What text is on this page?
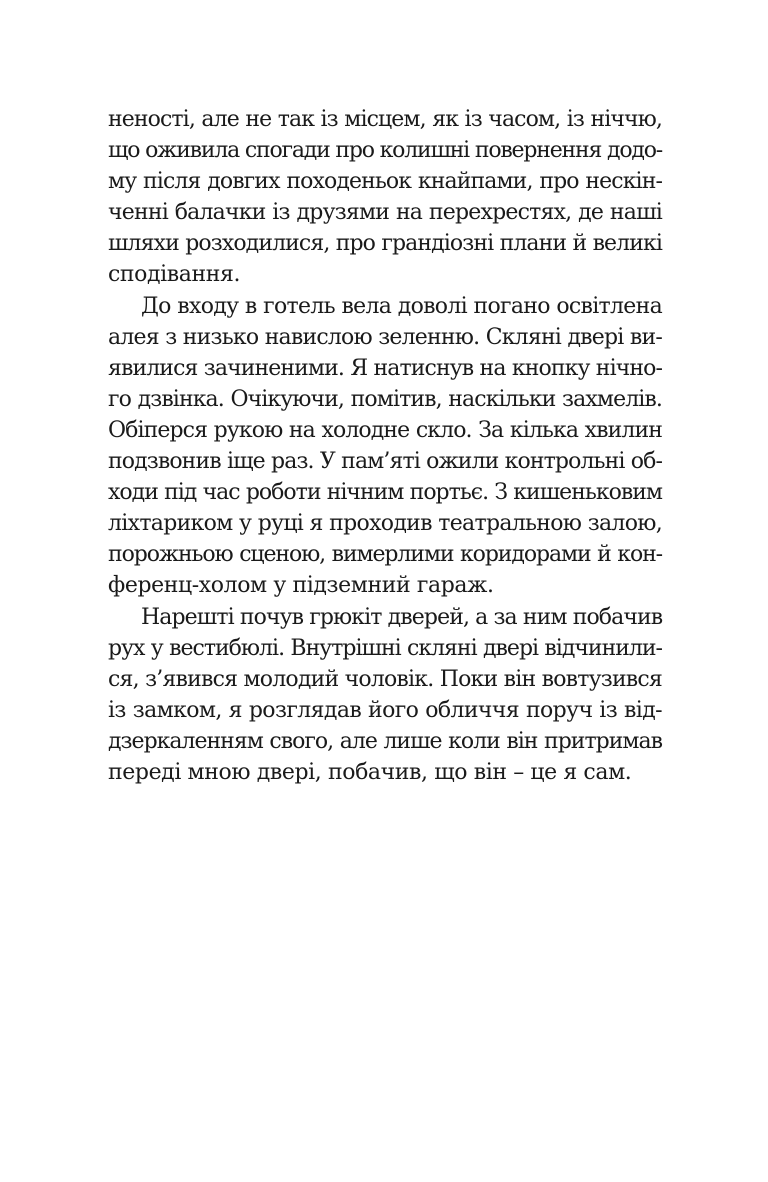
неності, але не так із місцем, як із часом, із ніччю,
що оживила спогади про колишні повернення додо-
му після довгих походеньок кнайпами, про нескін-
ченні балачки із друзями на перехрестях, де наші
шляхи розходилися, про грандіозні плани й великі
сподівання.
До входу в готель вела доволі погано освітлена
алея з низько навислою зеленню. Скляні двері ви-
явилися зачиненими. Я натиснув на кнопку нічно-
го дзвінка. Очікуючи, помітив, наскільки захмелів.
Обіперся рукою на холодне скло. За кілька хвилин
подзвонив іще раз. У пам’яті ожили контрольні об-
ходи під час роботи нічним портьє. З кишеньковим
ліхтариком у руці я проходив театральною залою,
порожньою сценою, вимерлими коридорами й кон-
ференц-холом у підземний гараж.
Нарешті почув грюкіт дверей, а за ним побачив
рух у вестибюлі. Внутрішні скляні двері відчинили-
ся, з’явився молодий чоловік. Поки він вовтузився
із замком, я розглядав його обличчя поруч із від-
дзеркаленням свого, але лише коли він притримав
переді мною двері, побачив, що він – це я сам.
